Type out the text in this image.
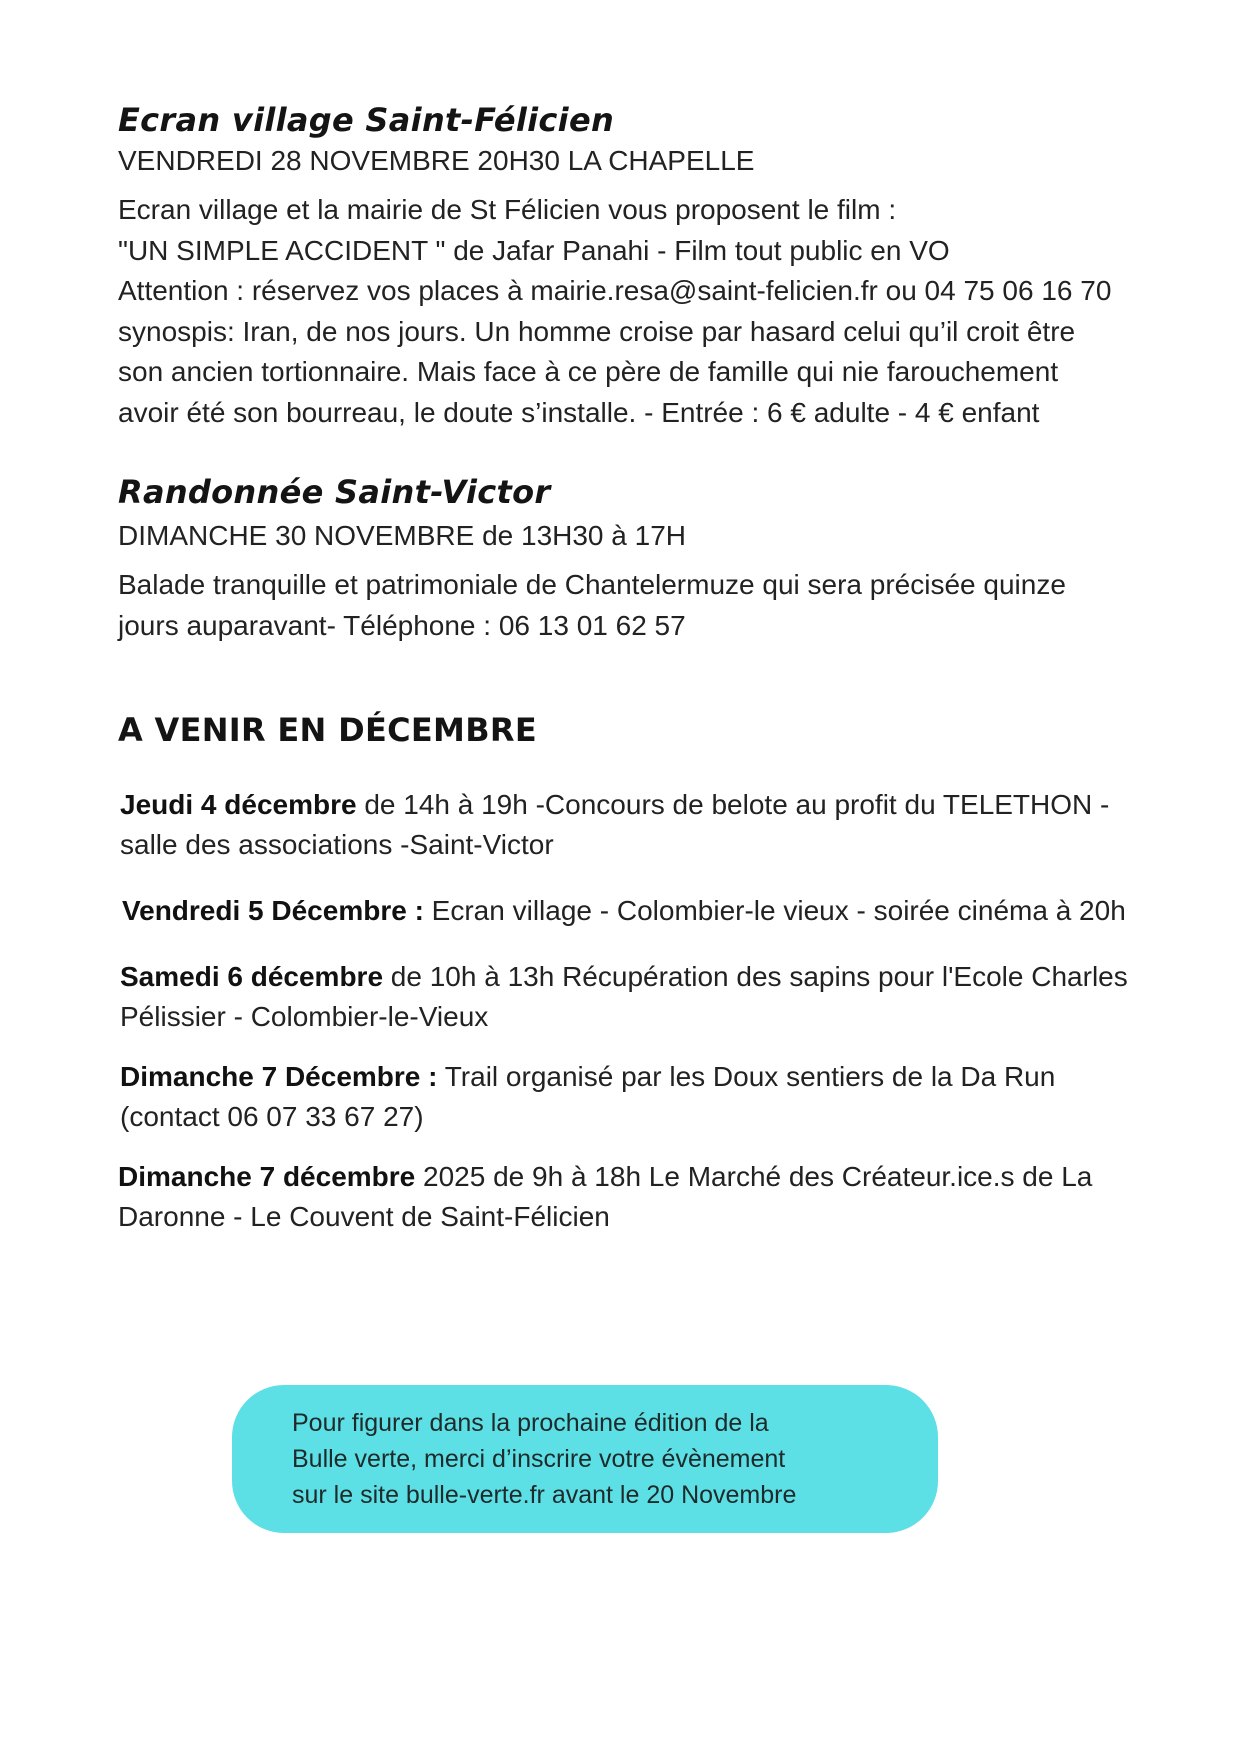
Ecran village Saint-Félicien

VENDREDI 28 NOVEMBRE 20H30 LA CHAPELLE

Ecran village et la mairie de St Félicien vous proposent le film :
"UN SIMPLE ACCIDENT " de Jafar Panahi - Film tout public en VO
Attention : réservez vos places à mairie.resa@saint-felicien.fr ou 04 75 06 16 70
synospis: Iran, de nos jours. Un homme croise par hasard celui qu’il croit être
son ancien tortionnaire. Mais face à ce père de famille qui nie farouchement
avoir été son bourreau, le doute s’installe. - Entrée : 6 € adulte - 4 € enfant

Randonnée Saint-Victor

DIMANCHE 30 NOVEMBRE de 13H30 à 17H

Balade tranquille et patrimoniale de Chantelermuze qui sera précisée quinze
jours auparavant- Téléphone : 06 13 01 62 57

A VENIR EN DÉCEMBRE
Jeudi 4 décembre de 14h à 19h -Concours de belote au profit du TELETHON -
salle des associations -Saint-Victor
Vendredi 5 Décembre : Ecran village - Colombier-le vieux - soirée cinéma à 20h
Samedi 6 décembre de 10h à 13h Récupération des sapins pour l'Ecole Charles
Pélissier - Colombier-le-Vieux
Dimanche 7 Décembre : Trail organisé par les Doux sentiers de la Da Run
(contact 06 07 33 67 27)
Dimanche 7 décembre 2025 de 9h à 18h Le Marché des Créateur.ice.s de La
Daronne - Le Couvent de Saint-Félicien

Pour figurer dans la prochaine édition de la
Bulle verte, merci d’inscrire votre évènement
sur le site bulle-verte.fr avant le 20 Novembre
